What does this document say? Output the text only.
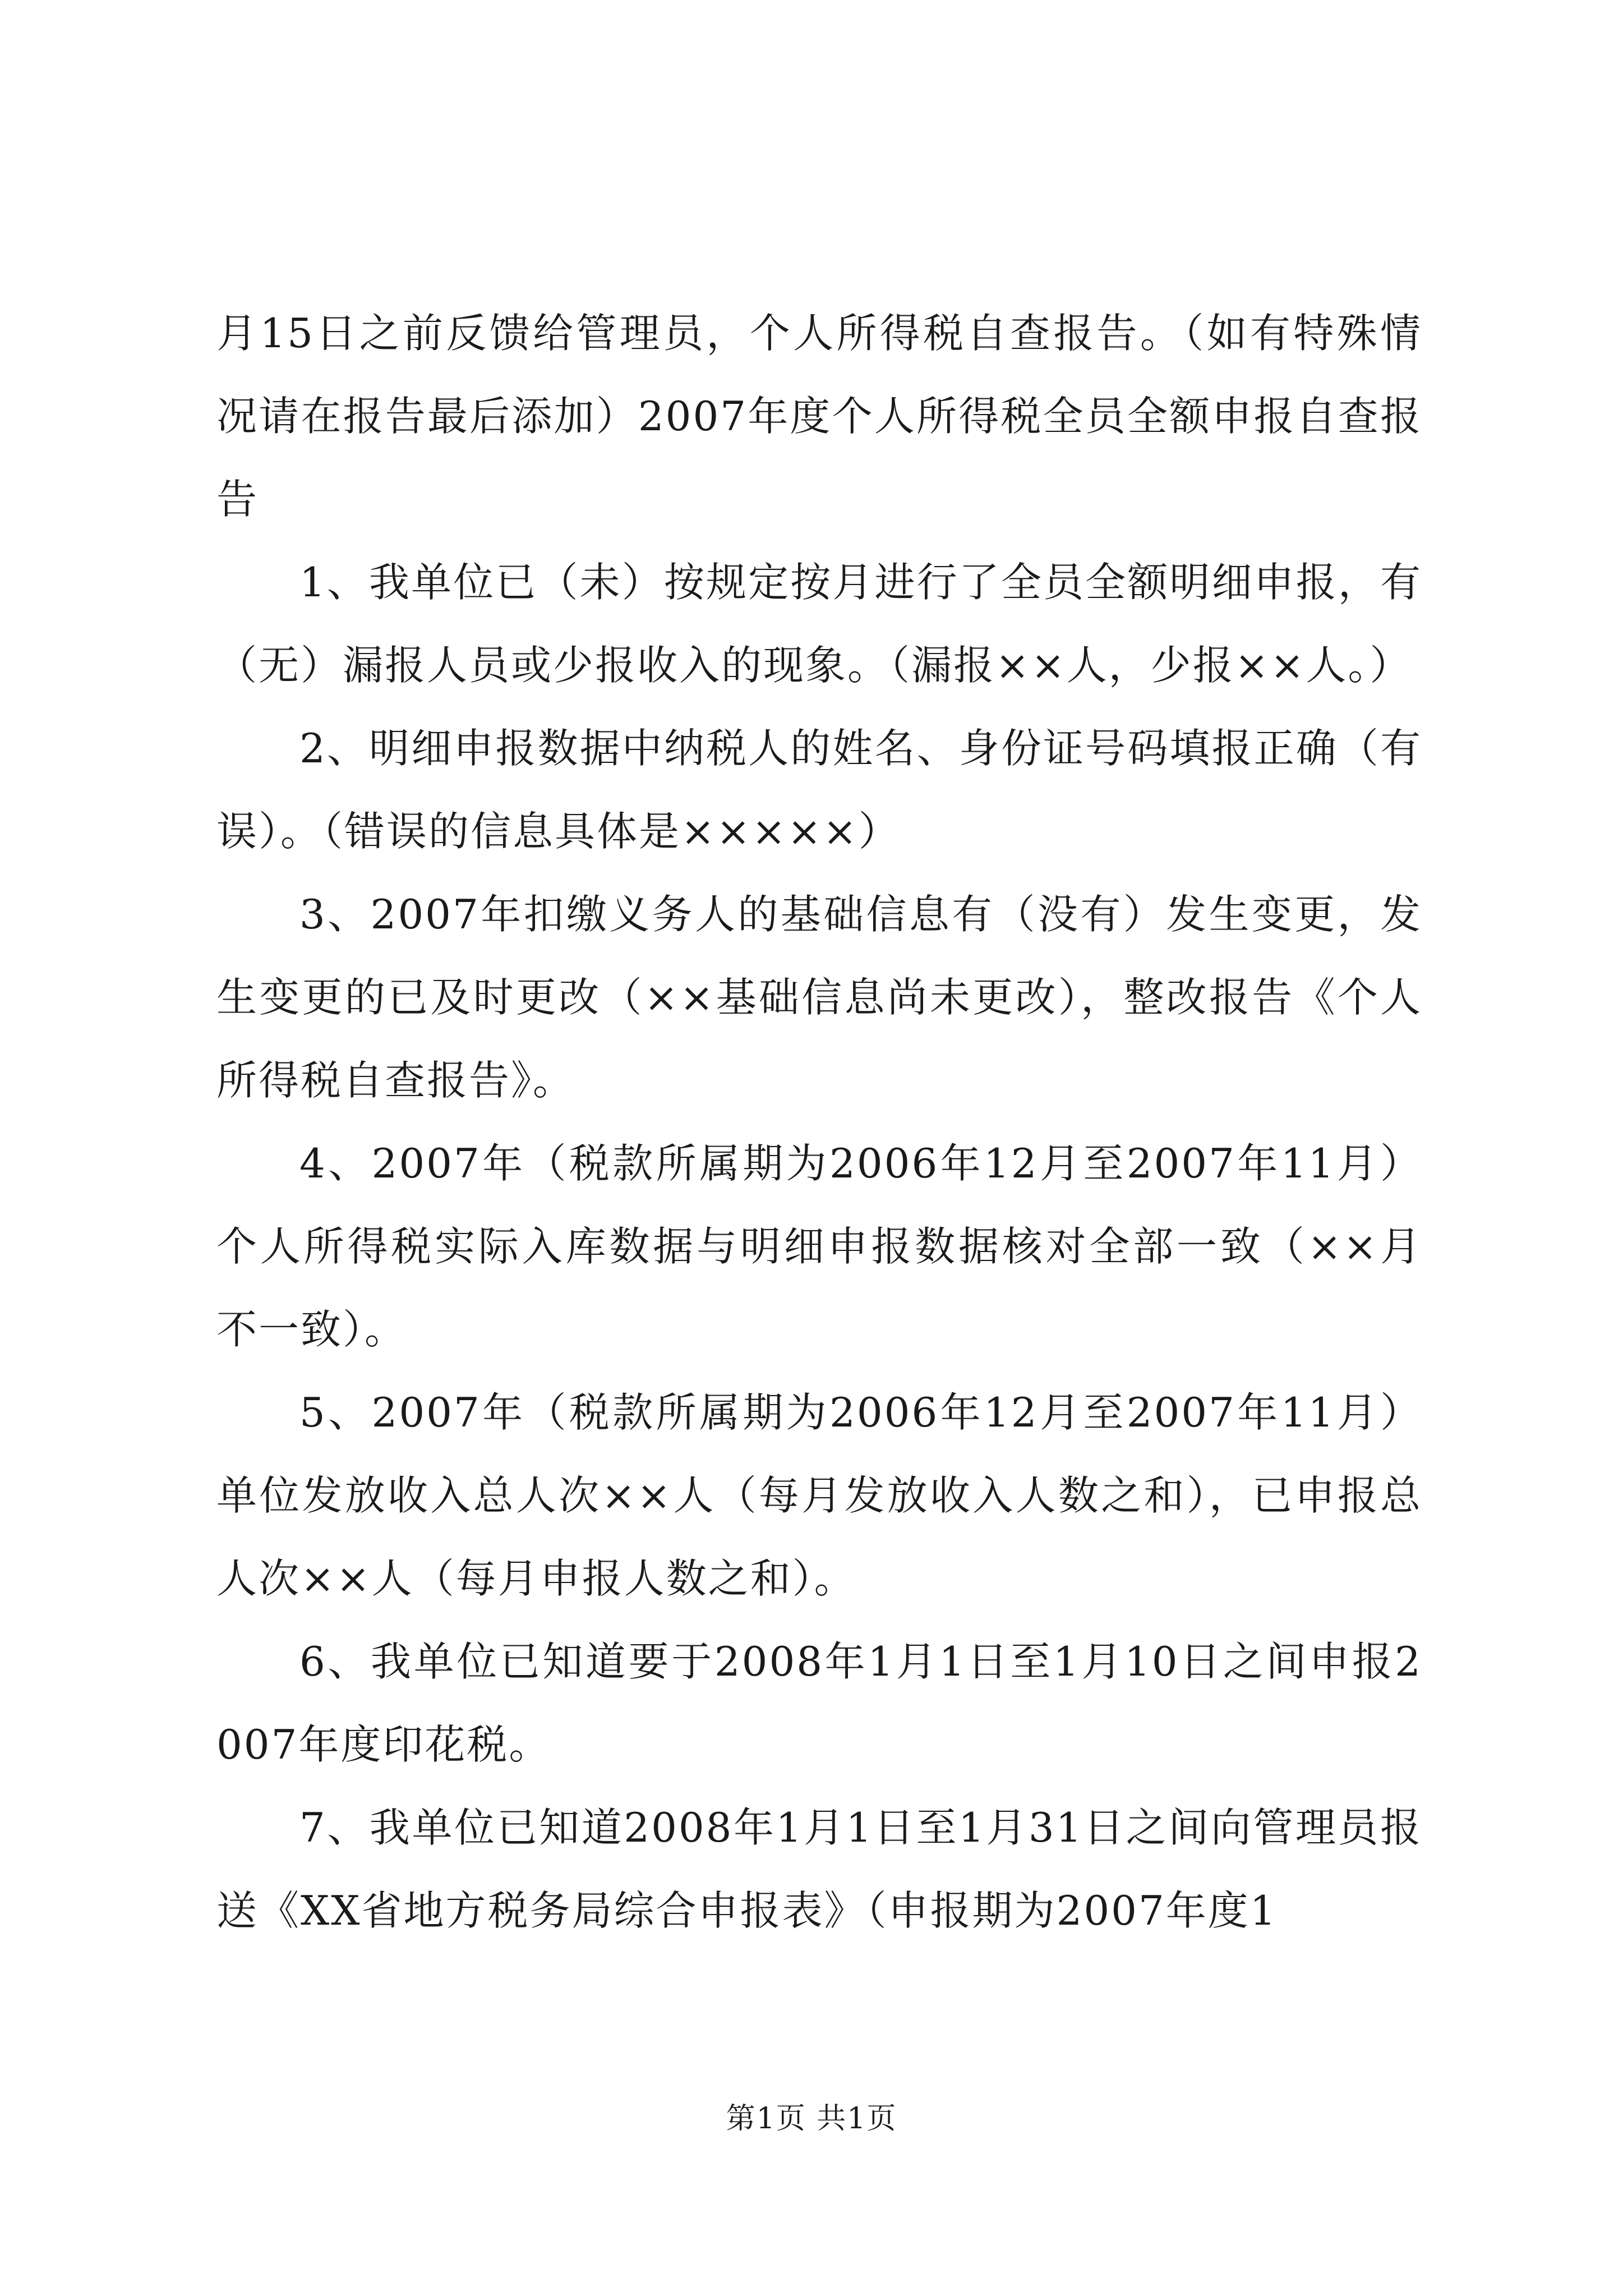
月15日之前反馈给管理员，个人所得税自查报告。（如有特殊情况请在报告最后添加）2007年度个人所得税全员全额申报自查报告

1、我单位已（未）按规定按月进行了全员全额明细申报，有（无）漏报人员或少报收入的现象。（漏报××人，少报××人。）

2、明细申报数据中纳税人的姓名、身份证号码填报正确（有误）。（错误的信息具体是×××××）

3、2007年扣缴义务人的基础信息有（没有）发生变更，发生变更的已及时更改（××基础信息尚未更改），整改报告《个人所得税自查报告》。

4、2007年（税款所属期为2006年12月至2007年11月）个人所得税实际入库数据与明细申报数据核对全部一致（××月不一致）。

5、2007年（税款所属期为2006年12月至2007年11月）单位发放收入总人次××人（每月发放收入人数之和），已申报总人次××人（每月申报人数之和）。

6、我单位已知道要于2008年1月1日至1月10日之间申报2007年度印花税。

7、我单位已知道2008年1月1日至1月31日之间向管理员报送《XX省地方税务局综合申报表》（申报期为2007年度1

第1页 共1页
